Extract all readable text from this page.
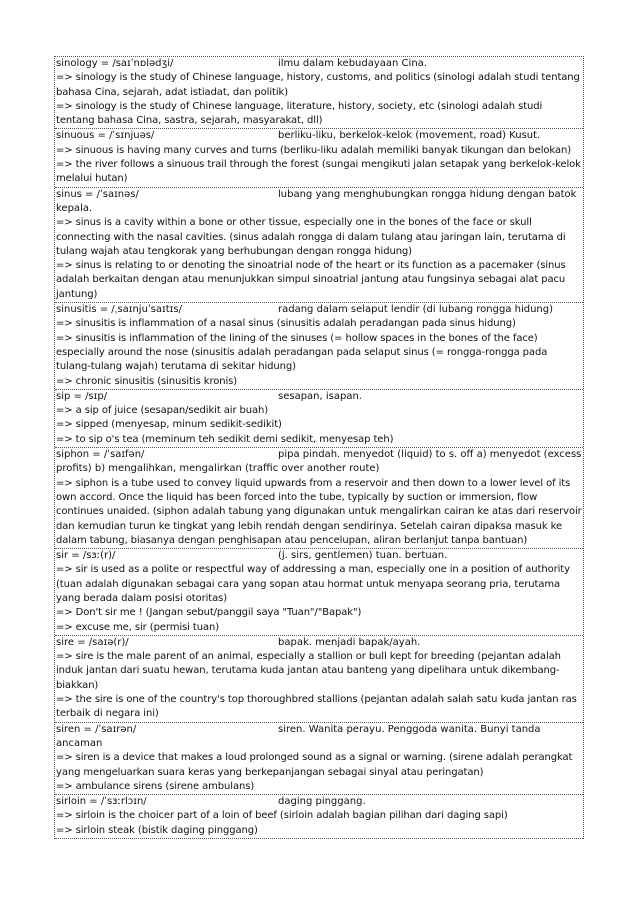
sinology = /saɪˈnɒlədʒi/	ilmu dalam kebudayaan Cina.
=> sinology is the study of Chinese language, history, customs, and politics (sinologi adalah studi tentang bahasa Cina, sejarah, adat istiadat, dan politik)
=> sinology is the study of Chinese language, literature, history, society, etc (sinologi adalah studi tentang bahasa Cina, sastra, sejarah, masyarakat, dll)
sinuous = /ˈsɪnjuəs/	berliku-liku, berkelok-kelok (movement, road) Kusut.
=> sinuous is having many curves and turns (berliku-liku adalah memiliki banyak tikungan dan belokan)
=> the river follows a sinuous trail through the forest (sungai mengikuti jalan setapak yang berkelok-kelok melalui hutan)
sinus = /ˈsaɪnəs/	lubang yang menghubungkan rongga hidung dengan batok kepala.
=> sinus is a cavity within a bone or other tissue, especially one in the bones of the face or skull connecting with the nasal cavities. (sinus adalah rongga di dalam tulang atau jaringan lain, terutama di tulang wajah atau tengkorak yang berhubungan dengan rongga hidung)
=> sinus is relating to or denoting the sinoatrial node of the heart or its function as a pacemaker (sinus adalah berkaitan dengan atau menunjukkan simpul sinoatrial jantung atau fungsinya sebagai alat pacu jantung)
sinusitis = /ˌsaɪnjuˈsaɪtɪs/	radang dalam selaput lendir (di lubang rongga hidung)
=> sinusitis is inflammation of a nasal sinus (sinusitis adalah peradangan pada sinus hidung)
=> sinusitis is inflammation of the lining of the sinuses (= hollow spaces in the bones of the face) especially around the nose (sinusitis adalah peradangan pada selaput sinus (= rongga-rongga pada tulang-tulang wajah) terutama di sekitar hidung)
=> chronic sinusitis (sinusitis kronis)
sip = /sɪp/	sesapan, isapan.
=> a sip of juice (sesapan/sedikit air buah)
=> sipped (menyesap, minum sedikit-sedikit)
=> to sip o's tea (meminum teh sedikit demi sedikit, menyesap teh)
siphon = /ˈsaɪfən/	pipa pindah. menyedot (liquid) to s. off a) menyedot (excess profits) b) mengalihkan, mengalirkan (traffic over another route)
=> siphon is a tube used to convey liquid upwards from a reservoir and then down to a lower level of its own accord. Once the liquid has been forced into the tube, typically by suction or immersion, flow continues unaided. (siphon adalah tabung yang digunakan untuk mengalirkan cairan ke atas dari reservoir dan kemudian turun ke tingkat yang lebih rendah dengan sendirinya. Setelah cairan dipaksa masuk ke dalam tabung, biasanya dengan penghisapan atau pencelupan, aliran berlanjut tanpa bantuan)
sir = /sɜː(r)/	(j. sirs, gentlemen) tuan. bertuan.
=> sir is used as a polite or respectful way of addressing a man, especially one in a position of authority (tuan adalah digunakan sebagai cara yang sopan atau hormat untuk menyapa seorang pria, terutama yang berada dalam posisi otoritas)
=> Don't sir me ! (Jangan sebut/panggil saya "Tuan"/"Bapak")
=> excuse me, sir (permisi tuan)
sire = /saɪə(r)/	bapak. menjadi bapak/ayah.
=> sire is the male parent of an animal, especially a stallion or bull kept for breeding (pejantan adalah induk jantan dari suatu hewan, terutama kuda jantan atau banteng yang dipelihara untuk dikembang-biakkan)
=> the sire is one of the country's top thoroughbred stallions (pejantan adalah salah satu kuda jantan ras terbaik di negara ini)
siren = /ˈsaɪrən/	siren. Wanita perayu. Penggoda wanita. Bunyi tanda ancaman
=> siren is a device that makes a loud prolonged sound as a signal or warning. (sirene adalah perangkat yang mengeluarkan suara keras yang berkepanjangan sebagai sinyal atau peringatan)
=> ambulance sirens (sirene ambulans)
sirloin = /ˈsɜːrlɔɪn/	daging pinggang.
=> sirloin is the choicer part of a loin of beef (sirloin adalah bagian pilihan dari daging sapi)
=> sirloin steak (bistik daging pinggang)
